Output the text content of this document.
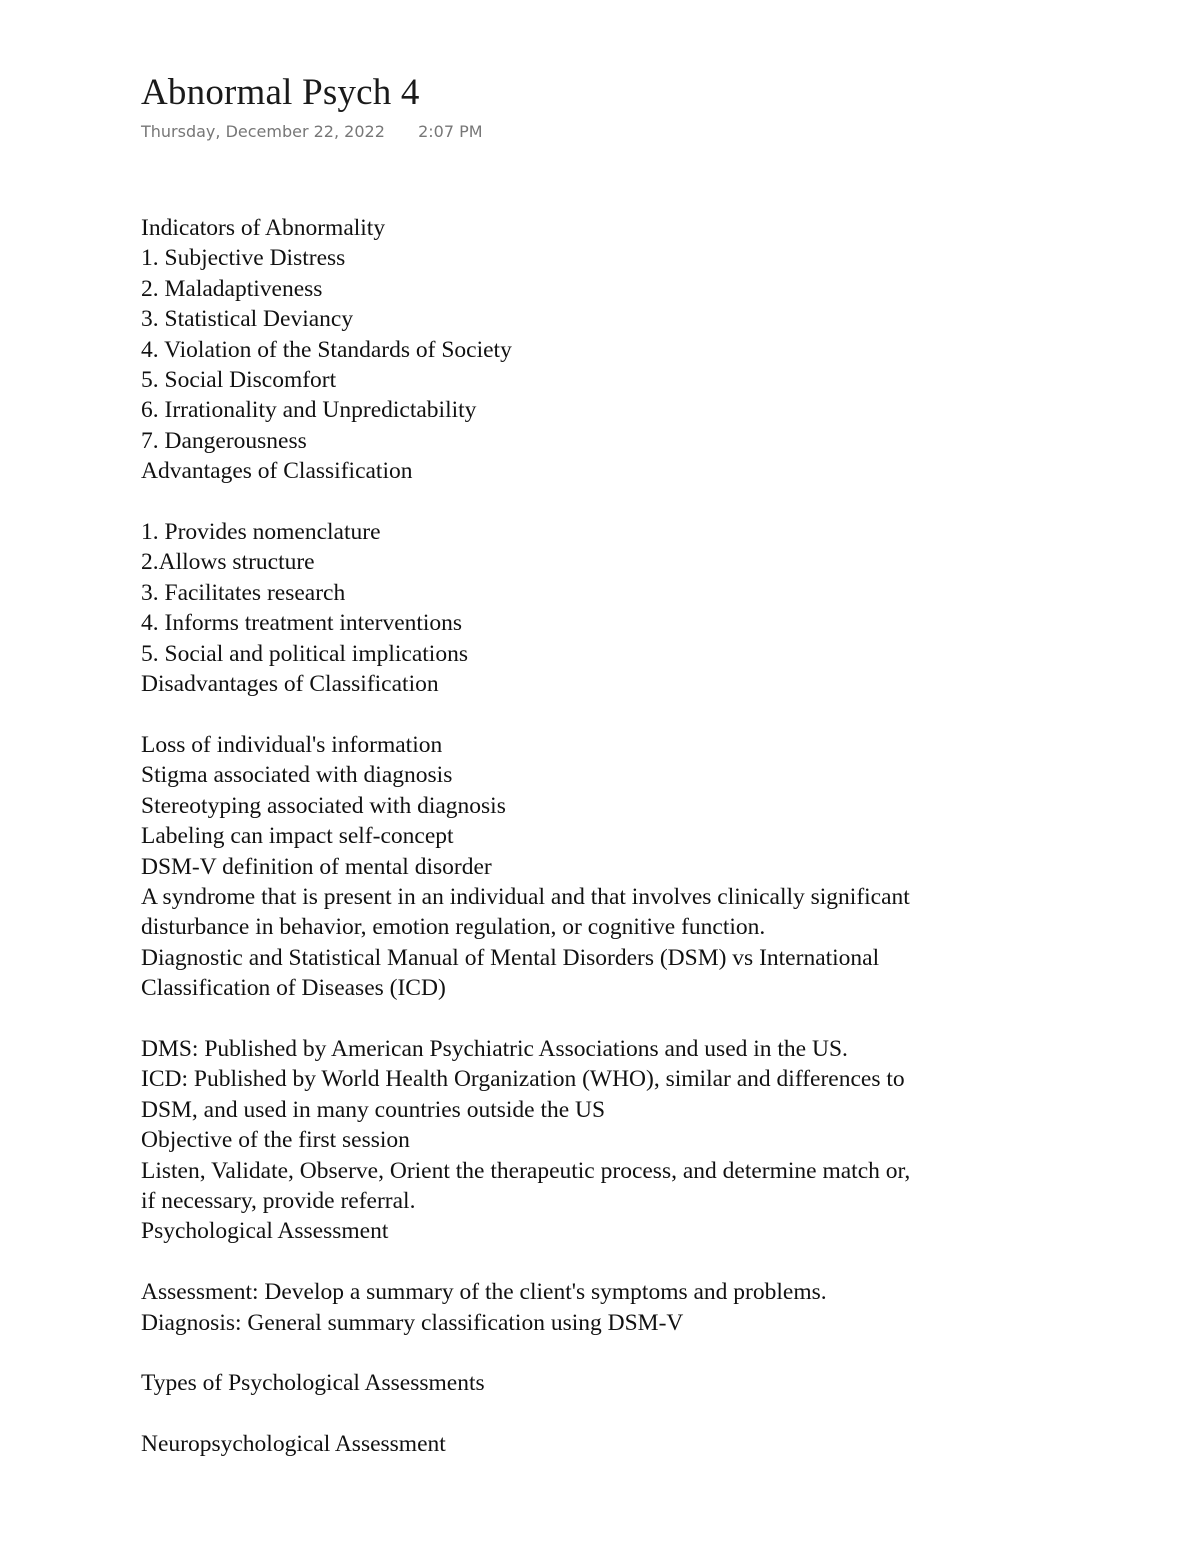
Abnormal Psych 4
Thursday, December 22, 2022 2:07 PM
Indicators of Abnormality
1. Subjective Distress
2. Maladaptiveness
3. Statistical Deviancy
4. Violation of the Standards of Society
5. Social Discomfort
6. Irrationality and Unpredictability
7. Dangerousness
Advantages of Classification
1. Provides nomenclature
2.Allows structure
3. Facilitates research
4. Informs treatment interventions
5. Social and political implications
Disadvantages of Classification
Loss of individual's information
Stigma associated with diagnosis
Stereotyping associated with diagnosis
Labeling can impact self-concept
DSM-V definition of mental disorder
A syndrome that is present in an individual and that involves clinically significant
disturbance in behavior, emotion regulation, or cognitive function.
Diagnostic and Statistical Manual of Mental Disorders (DSM) vs International
Classification of Diseases (ICD)
DMS: Published by American Psychiatric Associations and used in the US.
ICD: Published by World Health Organization (WHO), similar and differences to
DSM, and used in many countries outside the US
Objective of the first session
Listen, Validate, Observe, Orient the therapeutic process, and determine match or,
if necessary, provide referral.
Psychological Assessment
Assessment: Develop a summary of the client's symptoms and problems.
Diagnosis: General summary classification using DSM-V
Types of Psychological Assessments
Neuropsychological Assessment
